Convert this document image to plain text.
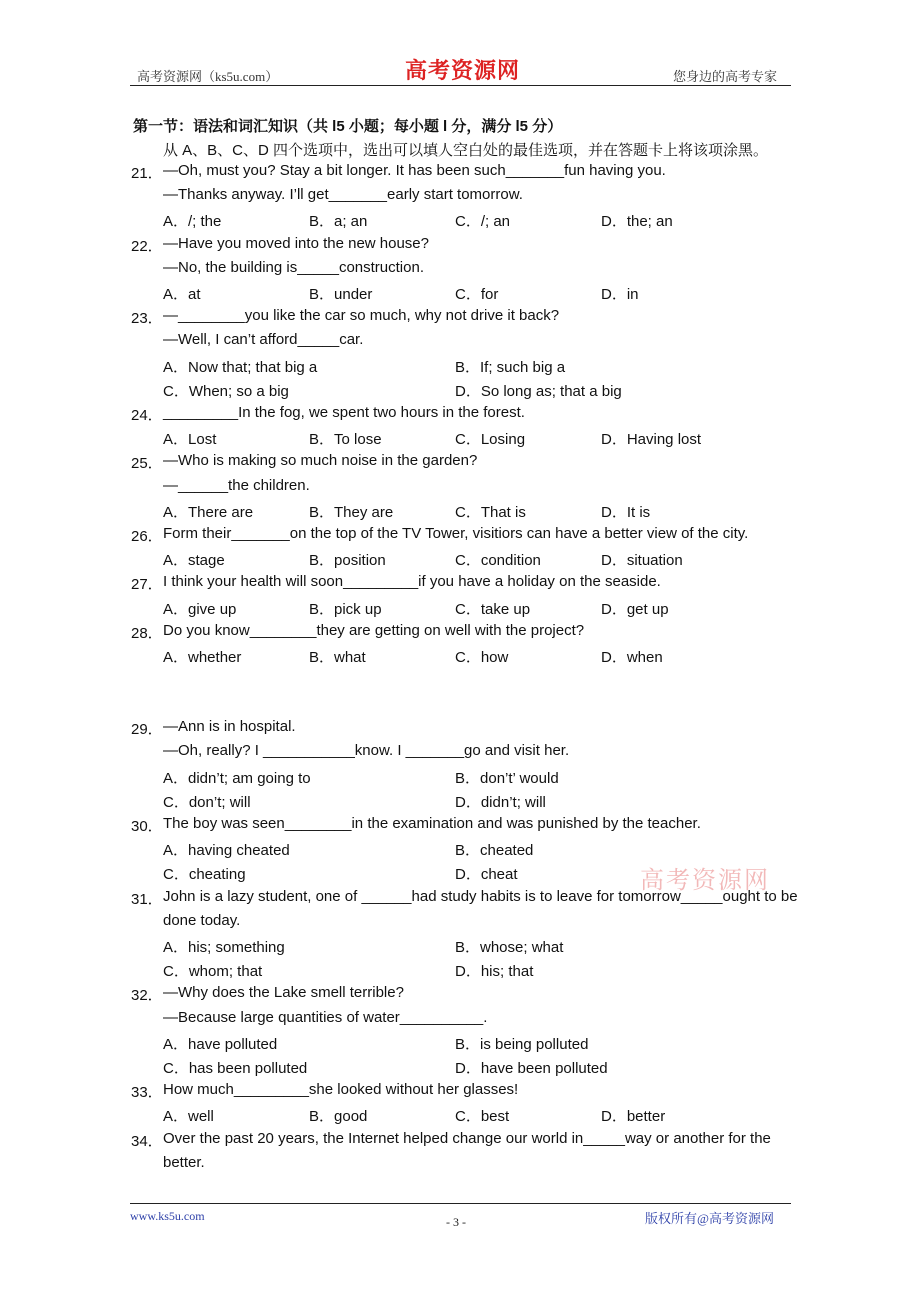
高考资源网（ks5u.com）	高考资源网	您身边的高考专家
第一节：语法和词汇知识（共 l5 小题；每小题 l 分，满分 l5 分）
从 A、B、C、D 四个选项中，选出可以填人空白处的最佳选项，并在答题卡上将该项涂黑。
21． —Oh, must you? Stay a bit longer. It has been such_______fun having you.
—Thanks anyway. I’ll get_______early start tomorrow.
A．/; the	B．a; an	C．/; an	D．the; an
22． —Have you moved into the new house?
—No, the building is_____construction.
A．at	B．under	C．for	D．in
23． —________you like the car so much, why not drive it back?
—Well, I can’t afford_____car.
A．Now that; that big a	B．If; such big a
C．When; so a big	D．So long as; that a big
24． _________In the fog, we spent two hours in the forest.
A．Lost	B．To lose	C．Losing	D．Having lost
25． —Who is making so much noise in the garden?
—______the children.
A．There are	B．They are	C．That is	D．It is
26． Form their_______on the top of the TV Tower, visitiors can have a better view of the city.
A．stage	B．position	C．condition	D．situation
27． I think your health will soon_________if you have a holiday on the seaside.
A．give up	B．pick up	C．take up	D．get up
28． Do you know________they are getting on well with the project?
A．whether	B．what	C．how	D．when
29． —Ann is in hospital.
—Oh, really? I ___________know. I _______go and visit her.
A．didn’t; am going to	B．don’t’ would
C．don’t; will	D．didn’t; will
30． The boy was seen________in the examination and was punished by the teacher.
A．having cheated	B．cheated
C．cheating	D．cheat
31． John is a lazy student, one of ______had study habits is to leave for tomorrow_____ought to be
done today.
A．his; something	B．whose; what
C．whom; that	D．his; that
32． —Why does the Lake smell terrible?
—Because large quantities of water__________.
A．have polluted	B．is being polluted
C．has been polluted	D．have been polluted
33． How much_________she looked without her glasses!
A．well	B．good	C．best	D．better
34． Over the past 20 years, the Internet helped change our world in_____way or another for the
better.
高考资源网
www.ks5u.com	- 3 -	版权所有@高考资源网
